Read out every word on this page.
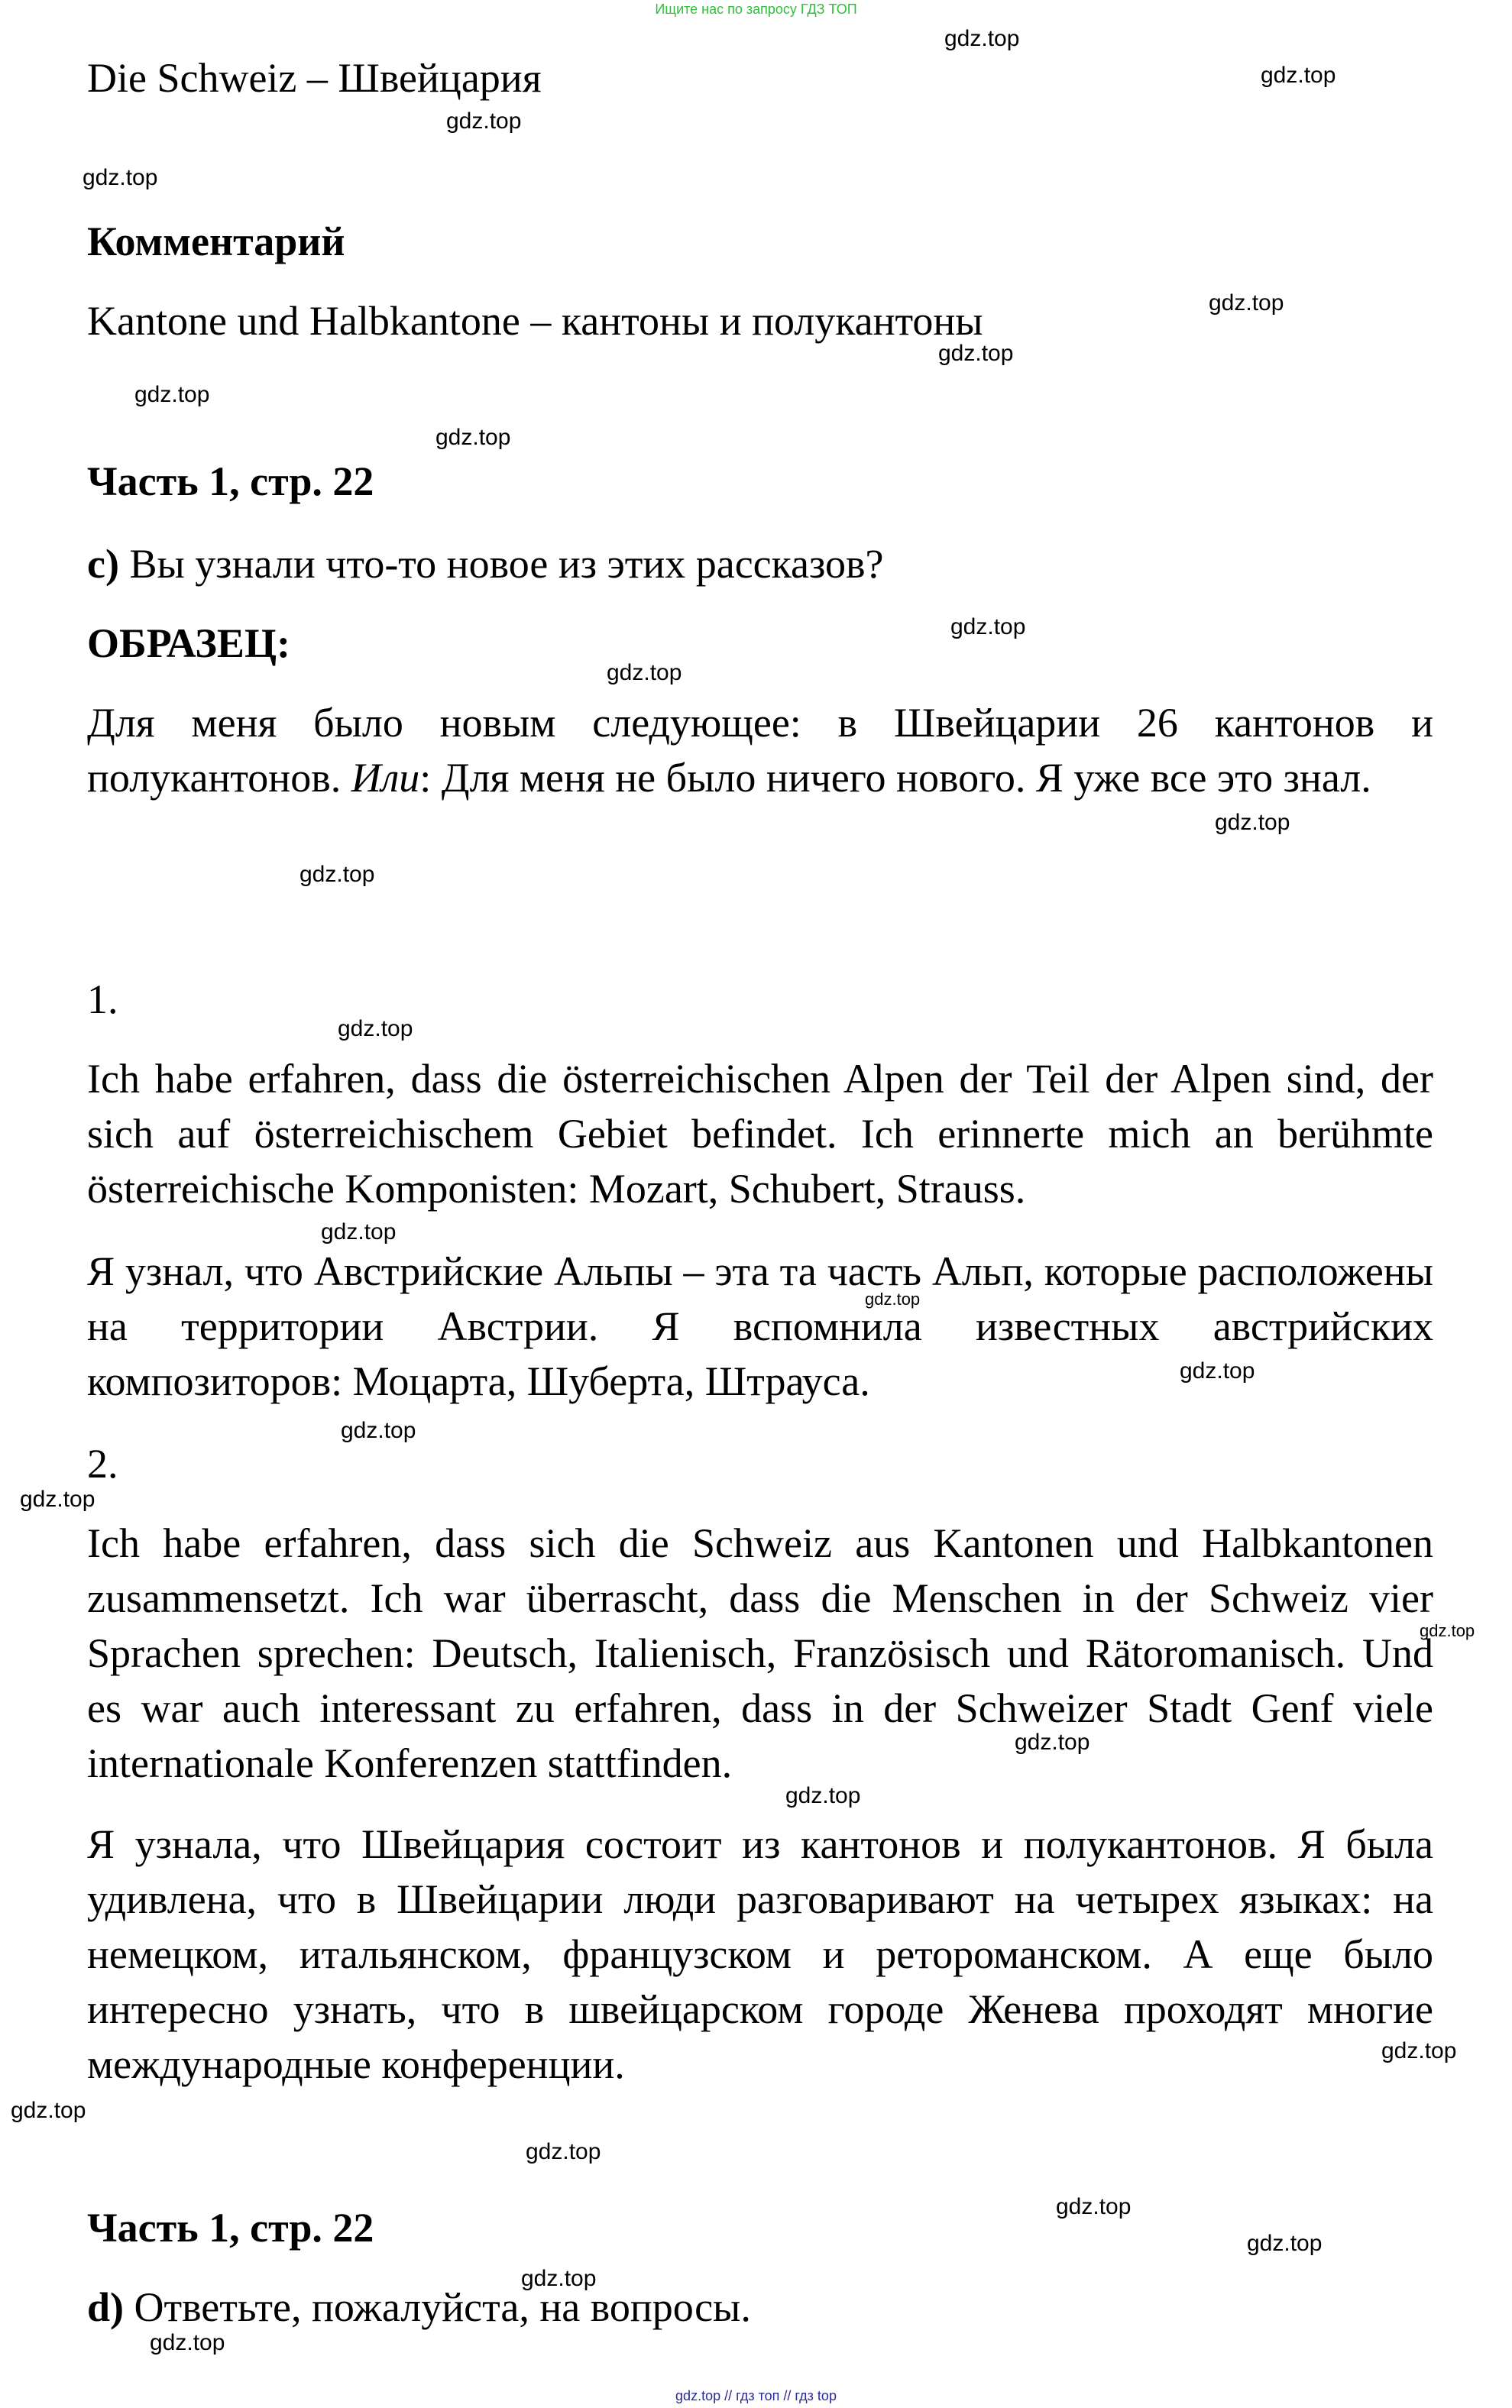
Ищите нас по запросу ГДЗ ТОП
Die Schweiz – Швейцария
Комментарий
Kantone und Halbkantone – кантоны и полукантоны
Часть 1, стр. 22
c) Вы узнали что-то новое из этих рассказов?
ОБРАЗЕЦ:

Для меня было новым следующее: в Швейцарии 26 кантонов и полукантонов. Или: Для меня не было ничего нового. Я уже все это знал.

1.

Ich habe erfahren, dass die österreichischen Alpen der Teil der Alpen sind, der sich auf österreichischem Gebiet befindet. Ich erinnerte mich an berühmte österreichische Komponisten: Mozart, Schubert, Strauss.

Я узнал, что Австрийские Альпы – эта та часть Альп, которые расположены на территории Австрии. Я вспомнила известных австрийских композиторов: Моцарта, Шуберта, Штрауса.

2.

Ich habe erfahren, dass sich die Schweiz aus Kantonen und Halbkantonen zusammensetzt. Ich war überrascht, dass die Menschen in der Schweiz vier Sprachen sprechen: Deutsch, Italienisch, Französisch und Rätoromanisch. Und es war auch interessant zu erfahren, dass in der Schweizer Stadt Genf viele internationale Konferenzen stattfinden.

Я узнала, что Швейцария состоит из кантонов и полукантонов. Я была удивлена, что в Швейцарии люди разговаривают на четырех языках: на немецком, итальянском, французском и ретороманском. А еще было интересно узнать, что в швейцарском городе Женева проходят многие международные конференции.

Часть 1, стр. 22
d) Ответьте, пожалуйста, на вопросы.
gdz.top
gdz.top
gdz.top
gdz.top
gdz.top
gdz.top
gdz.top
gdz.top
gdz.top
gdz.top
gdz.top
gdz.top
gdz.top
gdz.top
gdz.top
gdz.top
gdz.top
gdz.top
gdz.top
gdz.top
gdz.top
gdz.top
gdz.top
gdz.top
gdz.top
gdz.top
gdz.top
gdz.top
gdz.top // гдз топ // гдз top
